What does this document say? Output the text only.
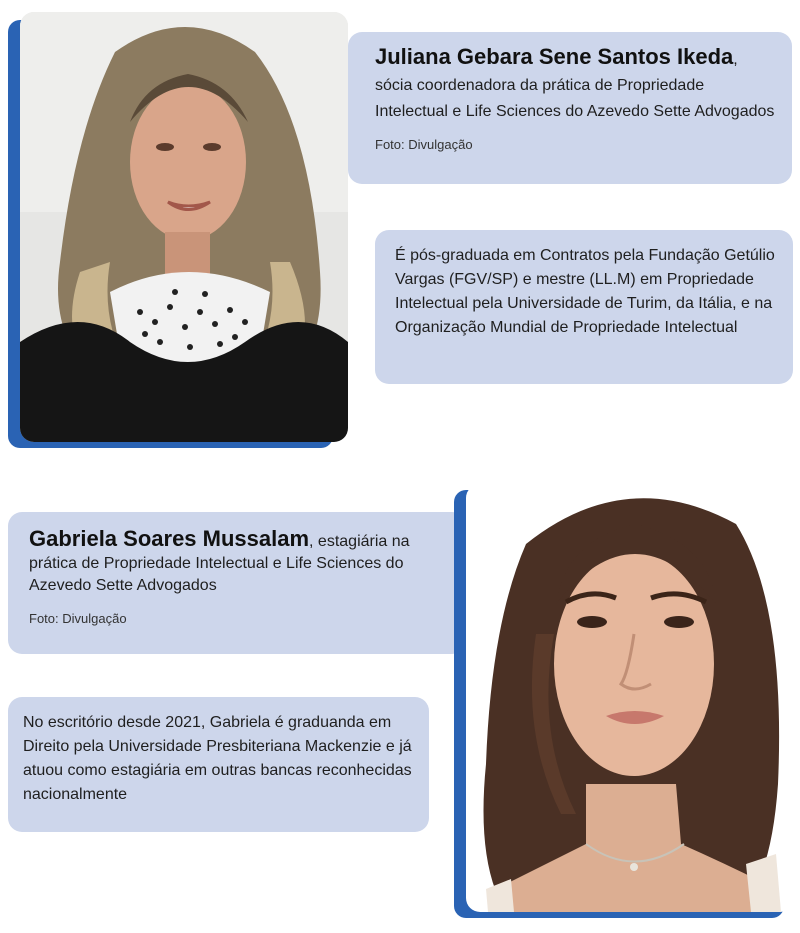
Juliana Gebara Sene Santos Ikeda, sócia coordenadora da prática de Propriedade Intelectual e Life Sciences do Azevedo Sette Advogados
Foto: Divulgação
É pós-graduada em Contratos pela Fundação Getúlio Vargas (FGV/SP) e mestre (LL.M) em Propriedade Intelectual pela Universidade de Turim, da Itália, e na Organização Mundial de Propriedade Intelectual
Gabriela Soares Mussalam, estagiária na prática de Propriedade Intelectual e Life Sciences do Azevedo Sette Advogados
Foto: Divulgação
No escritório desde 2021, Gabriela é graduanda em Direito pela Universidade Presbiteriana Mackenzie e já atuou como estagiária em outras bancas reconhecidas nacionalmente
